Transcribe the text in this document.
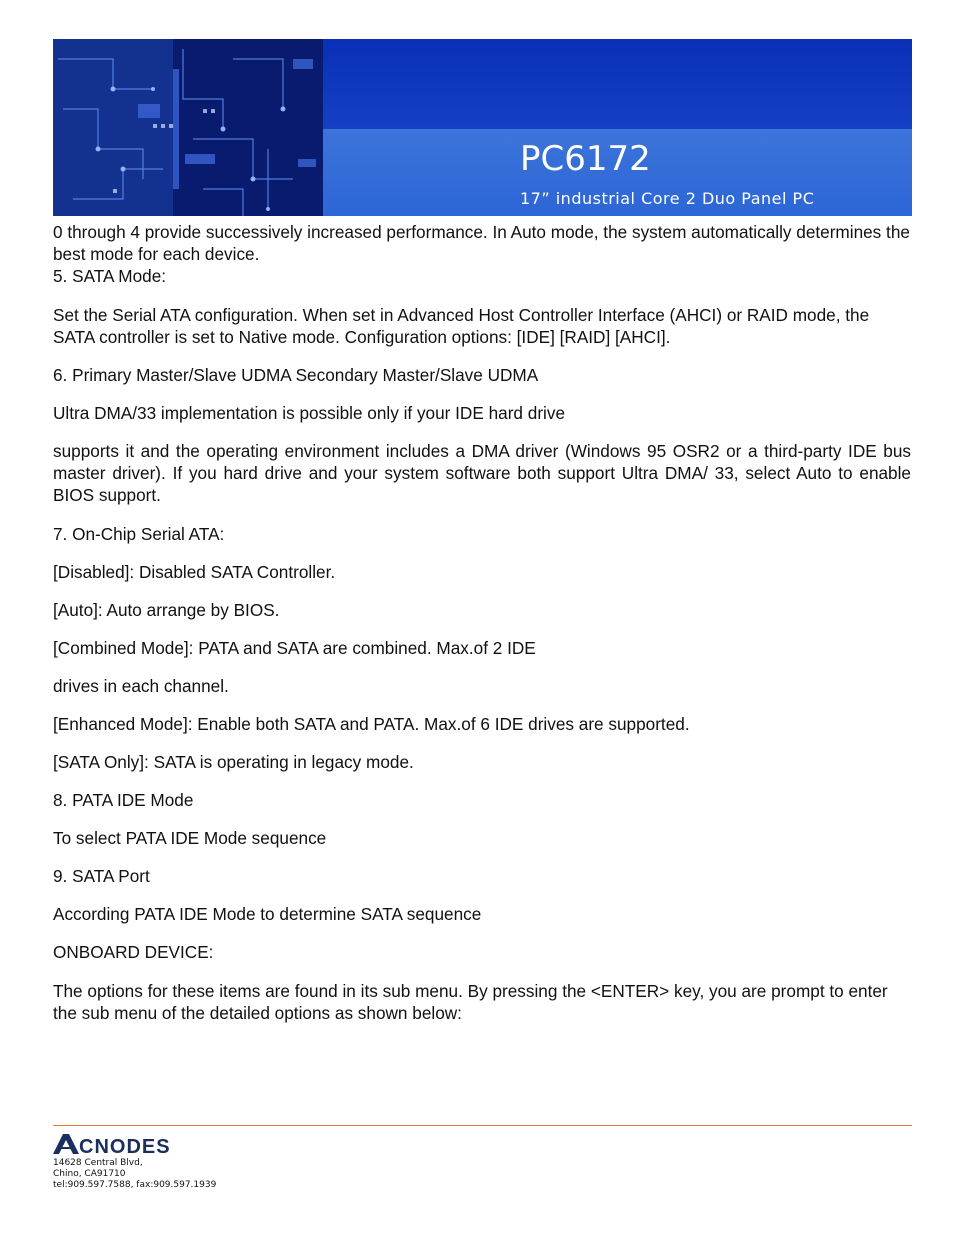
PC6172
17” industrial Core 2 Duo Panel PC

0 through 4 provide successively increased performance. In Auto mode, the system automatically determines the best mode for each device.

5. SATA Mode:

Set the Serial ATA configuration. When set in Advanced Host Controller Interface (AHCI) or RAID mode, the SATA controller is set to Native mode. Configuration options: [IDE] [RAID] [AHCI].

6. Primary Master/Slave UDMA Secondary Master/Slave UDMA

Ultra DMA/33 implementation is possible only if your IDE hard drive

supports it and the operating environment includes a DMA driver (Windows 95 OSR2 or a third-party IDE bus master driver). If you hard drive and your system software both support Ultra DMA/ 33, select Auto to enable BIOS support.

7. On-Chip Serial ATA:

[Disabled]: Disabled SATA Controller.

[Auto]: Auto arrange by BIOS.

[Combined Mode]: PATA and SATA are combined. Max.of 2 IDE

drives in each channel.

[Enhanced Mode]: Enable both SATA and PATA. Max.of 6 IDE drives are supported.

[SATA Only]: SATA is operating in legacy mode.

8. PATA IDE Mode

To select PATA IDE Mode sequence

9. SATA Port

According PATA IDE Mode to determine SATA sequence

ONBOARD DEVICE:

The options for these items are found in its sub menu. By pressing the <ENTER> key, you are prompt to enter the sub menu of the detailed options as shown below:

CNODES
14628 Central Blvd,
Chino, CA91710
tel:909.597.7588, fax:909.597.1939
